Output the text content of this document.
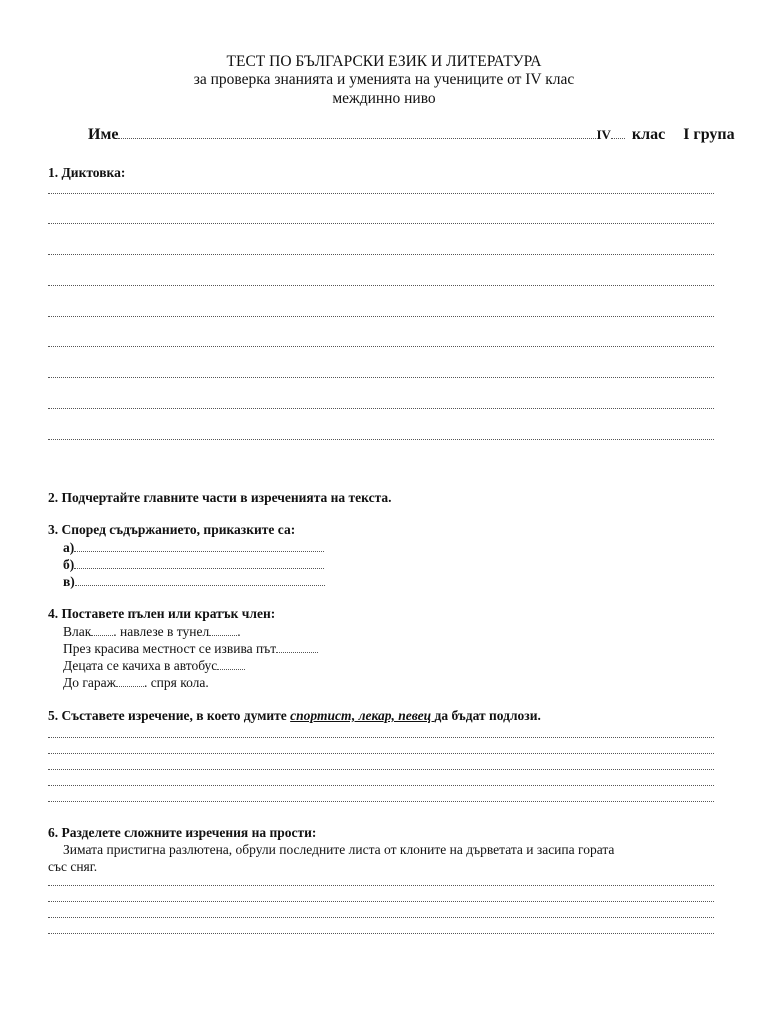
ТЕСТ ПО БЪЛГАРСКИ ЕЗИК И ЛИТЕРАТУРА
за проверка знанията и уменията на учениците от IV клас
междинно ниво
Име	IV клас I група
1. Диктовка:
2. Подчертайте главните части в изреченията на текста.
3. Според съдържанието, приказките са:
а)
б)
в)
4. Поставете пълен или кратък член:
Влак . навлезе в тунел .
През красива местност се извива път
Децата се качиха в автобус
До гараж . спря кола.
5. Съставете изречение, в което думите спортист, лекар, певец да бъдат подлози.
6. Разделете сложните изречения на прости:
Зимата пристигна разлютена, обрули последните листа от клоните на дърветата и засипа гората
със сняг.
